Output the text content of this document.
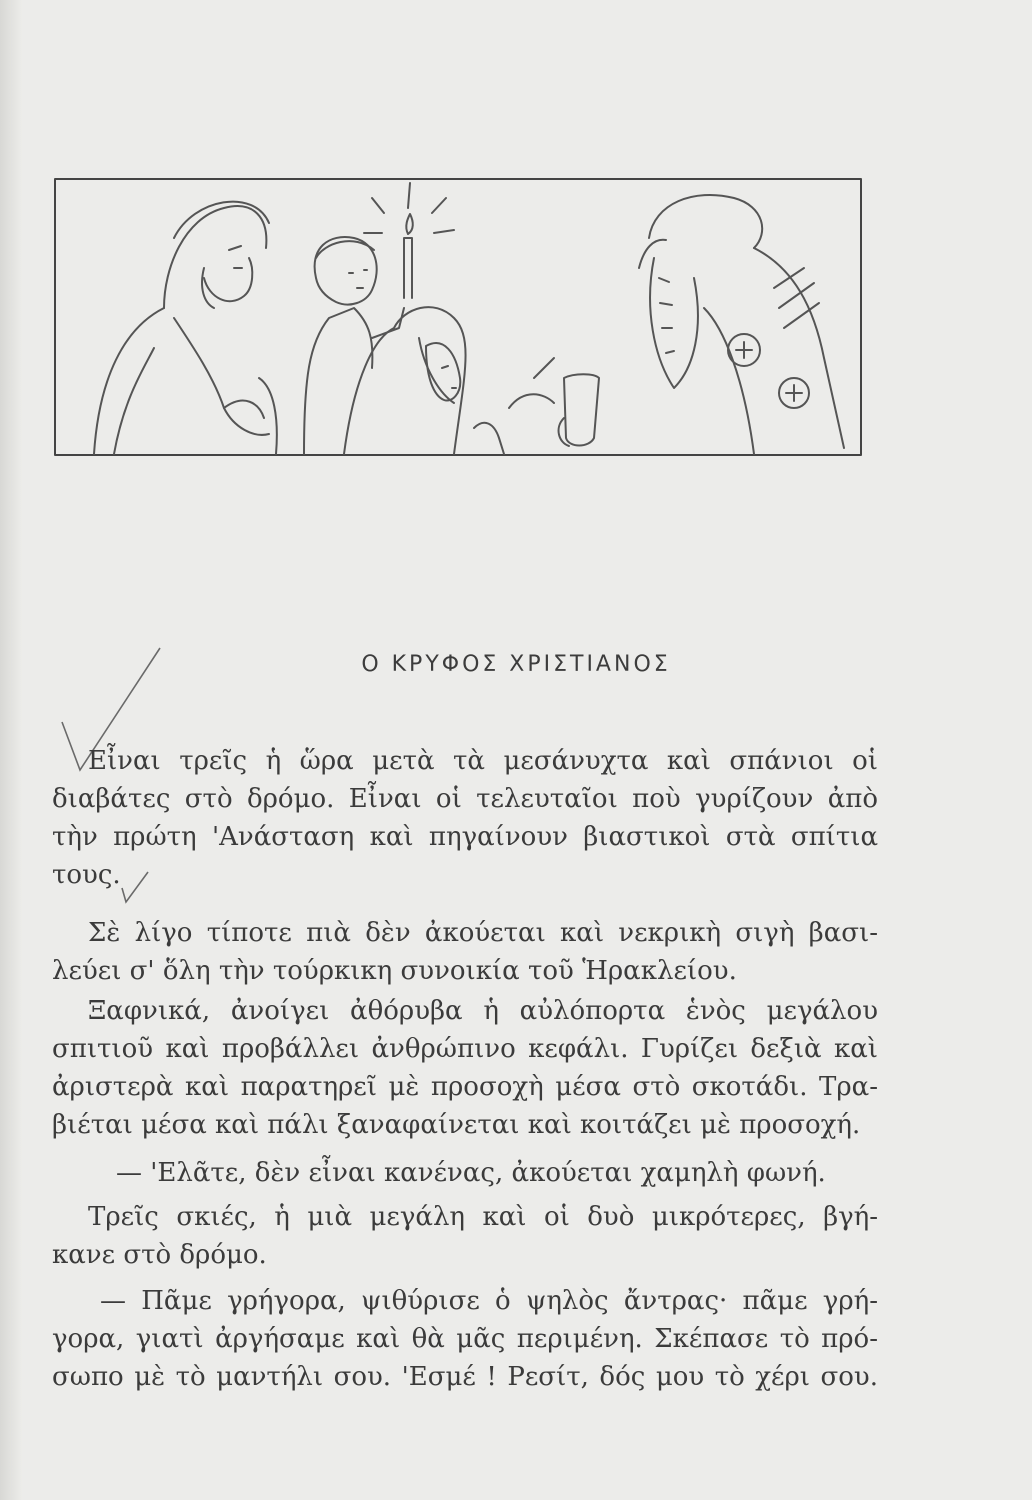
Ο ΚΡΥΦΟΣ ΧΡΙΣΤΙΑΝΟΣ
Εἶναι τρεῖς ἡ ὥρα μετὰ τὰ μεσάνυχτα καὶ σπάνιοι οἱ
διαβάτες στὸ δρόμο. Εἶναι οἱ τελευταῖοι ποὺ γυρίζουν ἀπὸ
τὴν πρώτη 'Ανάσταση καὶ πηγαίνουν βιαστικοὶ στὰ σπίτια
τους.
Σὲ λίγο τίποτε πιὰ δὲν ἀκούεται καὶ νεκρικὴ σιγὴ βασι-
λεύει σ' ὅλη τὴν τούρκικη συνοικία τοῦ Ἡρακλείου.
Ξαφνικά, ἀνοίγει ἀθόρυβα ἡ αὐλόπορτα ἑνὸς μεγάλου
σπιτιοῦ καὶ προβάλλει ἀνθρώπινο κεφάλι. Γυρίζει δεξιὰ καὶ
ἀριστερὰ καὶ παρατηρεῖ μὲ προσοχὴ μέσα στὸ σκοτάδι. Τρα-
βιέται μέσα καὶ πάλι ξαναφαίνεται καὶ κοιτάζει μὲ προσοχή.
— 'Ελᾶτε, δὲν εἶναι κανένας, ἀκούεται χαμηλὴ φωνή.
Τρεῖς σκιές, ἡ μιὰ μεγάλη καὶ οἱ δυὸ μικρότερες, βγή-
κανε στὸ δρόμο.
— Πᾶμε γρήγορα, ψιθύρισε ὁ ψηλὸς ἄντρας· πᾶμε γρή-
γορα, γιατὶ ἀργήσαμε καὶ θὰ μᾶς περιμένη. Σκέπασε τὸ πρό-
σωπο μὲ τὸ μαντήλι σου. 'Εσμέ ! Ρεσίτ, δός μου τὸ χέρι σου.
